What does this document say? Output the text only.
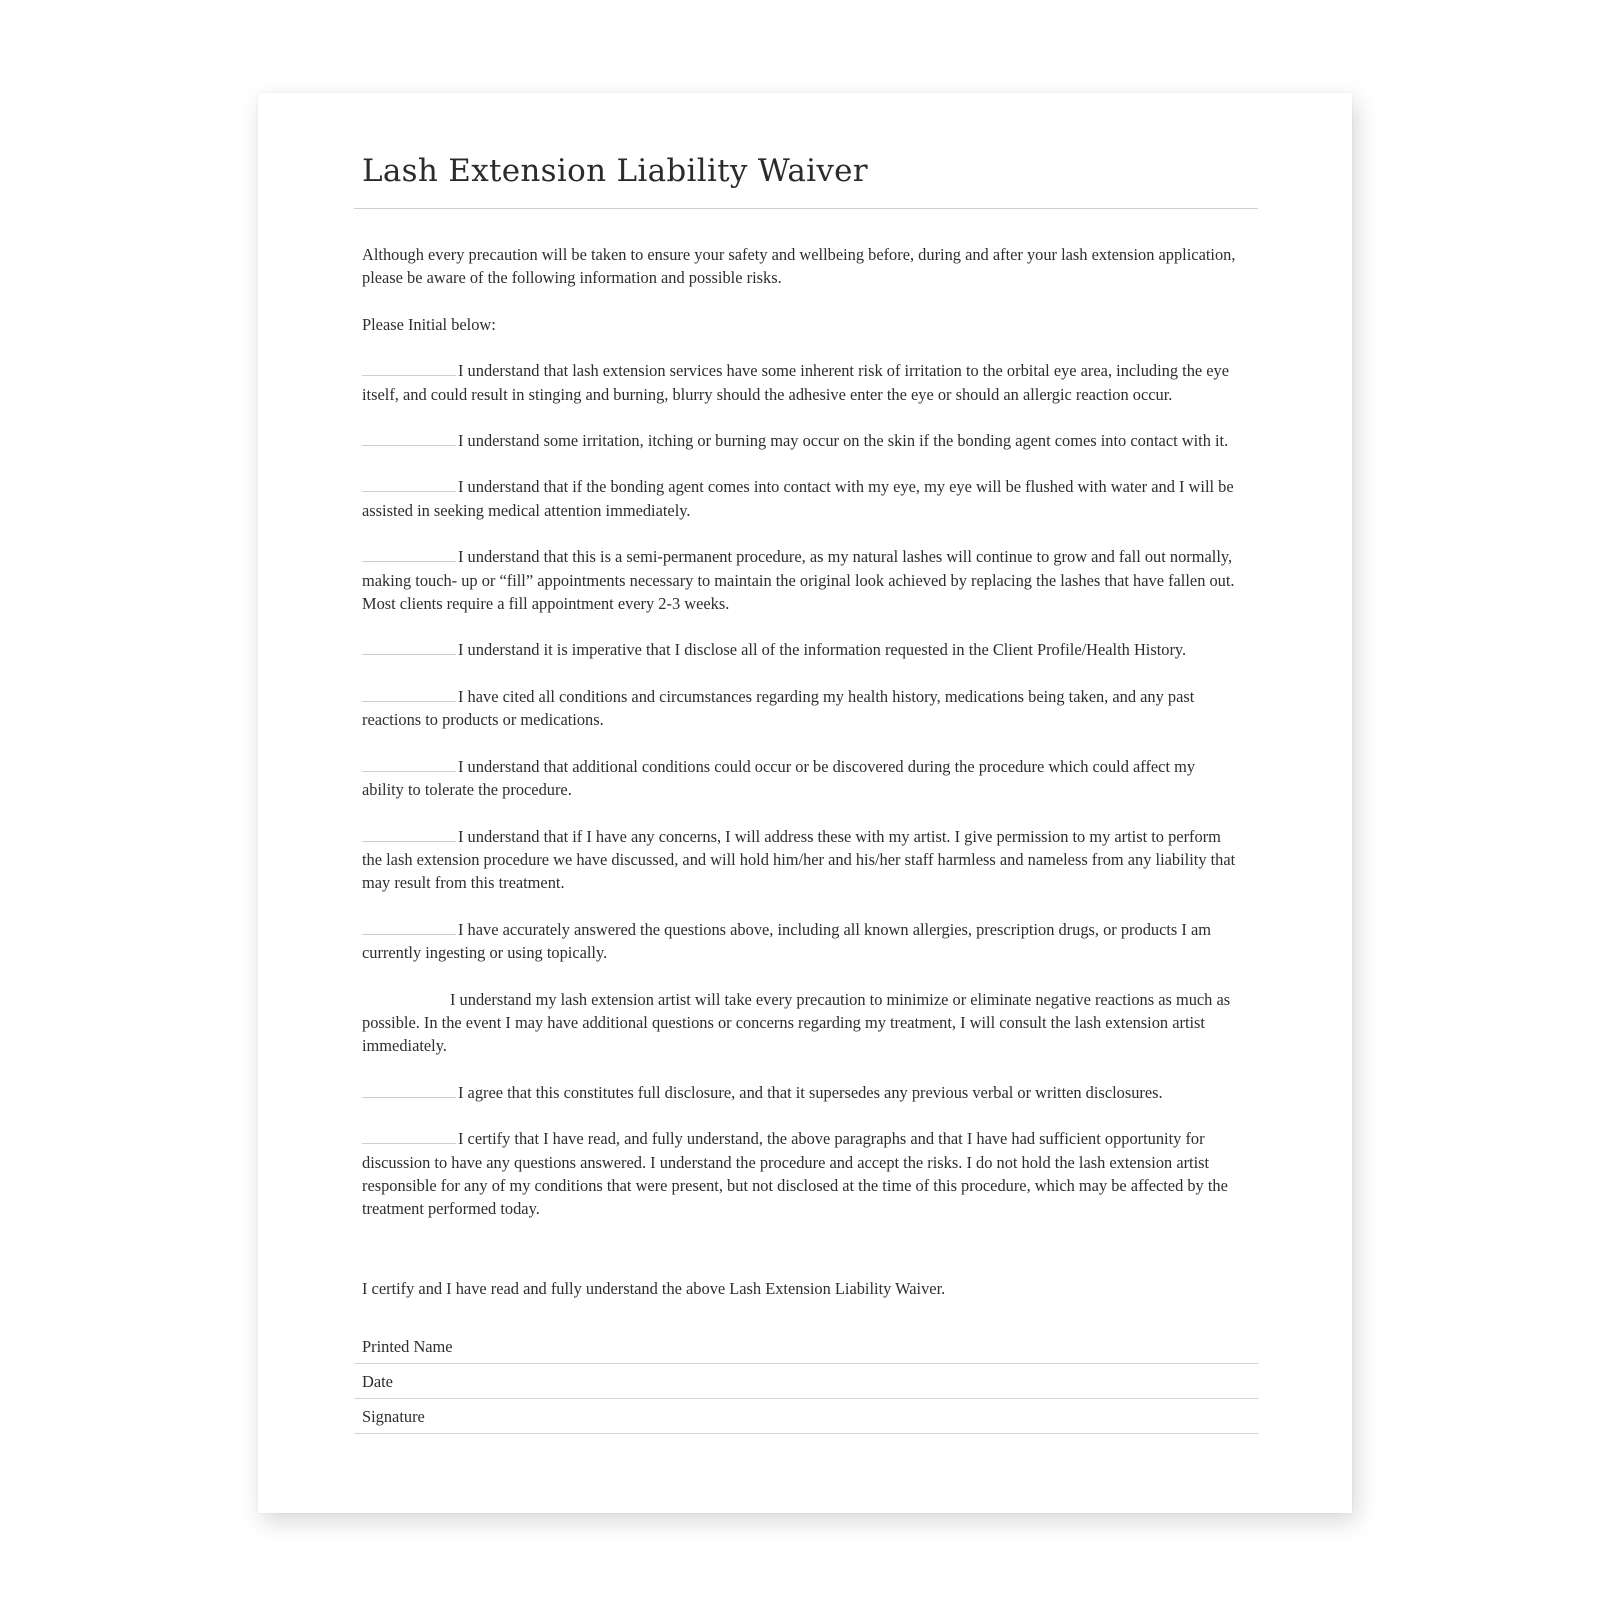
Lash Extension Liability Waiver

Although every precaution will be taken to ensure your safety and wellbeing before, during and after your lash extension application, please be aware of the following information and possible risks.

Please Initial below:

I understand that lash extension services have some inherent risk of irritation to the orbital eye area, including the eye itself, and could result in stinging and burning, blurry should the adhesive enter the eye or should an allergic reaction occur.

I understand some irritation, itching or burning may occur on the skin if the bonding agent comes into contact with it.

I understand that if the bonding agent comes into contact with my eye, my eye will be flushed with water and I will be assisted in seeking medical attention immediately.

I understand that this is a semi-permanent procedure, as my natural lashes will continue to grow and fall out normally, making touch- up or “fill” appointments necessary to maintain the original look achieved by replacing the lashes that have fallen out. Most clients require a fill appointment every 2-3 weeks.

I understand it is imperative that I disclose all of the information requested in the Client Profile/Health History.

I have cited all conditions and circumstances regarding my health history, medications being taken, and any past reactions to products or medications.

I understand that additional conditions could occur or be discovered during the procedure which could affect my ability to tolerate the procedure.

I understand that if I have any concerns, I will address these with my artist. I give permission to my artist to perform the lash extension procedure we have discussed, and will hold him/her and his/her staff harmless and nameless from any liability that may result from this treatment.

I have accurately answered the questions above, including all known allergies, prescription drugs, or products I am currently ingesting or using topically.

I understand my lash extension artist will take every precaution to minimize or eliminate negative reactions as much as possible. In the event I may have additional questions or concerns regarding my treatment, I will consult the lash extension artist immediately.

I agree that this constitutes full disclosure, and that it supersedes any previous verbal or written disclosures.

I certify that I have read, and fully understand, the above paragraphs and that I have had sufficient opportunity for discussion to have any questions answered. I understand the procedure and accept the risks. I do not hold the lash extension artist responsible for any of my conditions that were present, but not disclosed at the time of this procedure, which may be affected by the treatment performed today.

I certify and I have read and fully understand the above Lash Extension Liability Waiver.

Printed Name
Date
Signature
